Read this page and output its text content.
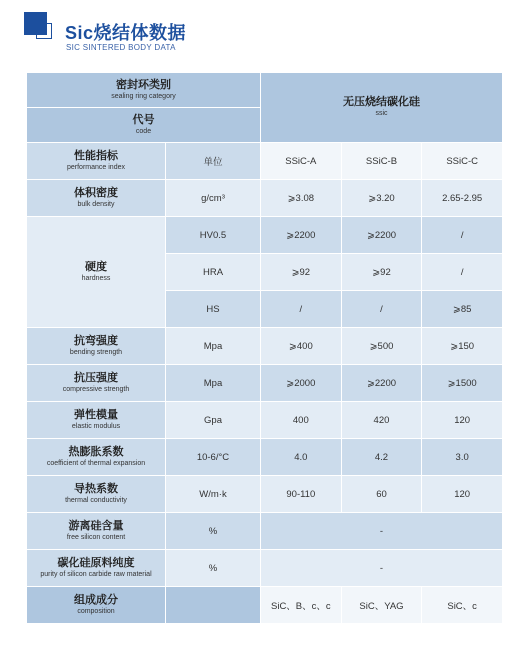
Sic烧结体数据
SIC SINTERED BODY DATA
密封环类别
sealing ring category		无压烧结碳化硅
ssic		

代号
code				

性能指标
performance index	单位	SSiC-A	SSiC-B	SSiC-C

体积密度
bulk density	g/cm³	⩾3.08	⩾3.20	2.65-2.95

硬度
hardness	HV0.5	⩾2200	⩾2200	/
	HRA	⩾92	⩾92	/
	HS	/	/	⩾85

抗弯强度
bending strength	Mpa	⩾400	⩾500	⩾150

抗压强度
compressive strength	Mpa	⩾2000	⩾2200	⩾1500

弹性模量
elastic modulus	Gpa	400	420	120

热膨胀系数
coefficient of thermal expansion	10-6/°C	4.0	4.2	3.0

导热系数
thermal conductivity	W/m·k	90-110	60	120

游离硅含量
free silicon content	%	-		

碳化硅原料纯度
purity of silicon carbide raw material	%	-		

组成成分
composition		SiC、B、c、c	SiC、YAG	SiC、c
